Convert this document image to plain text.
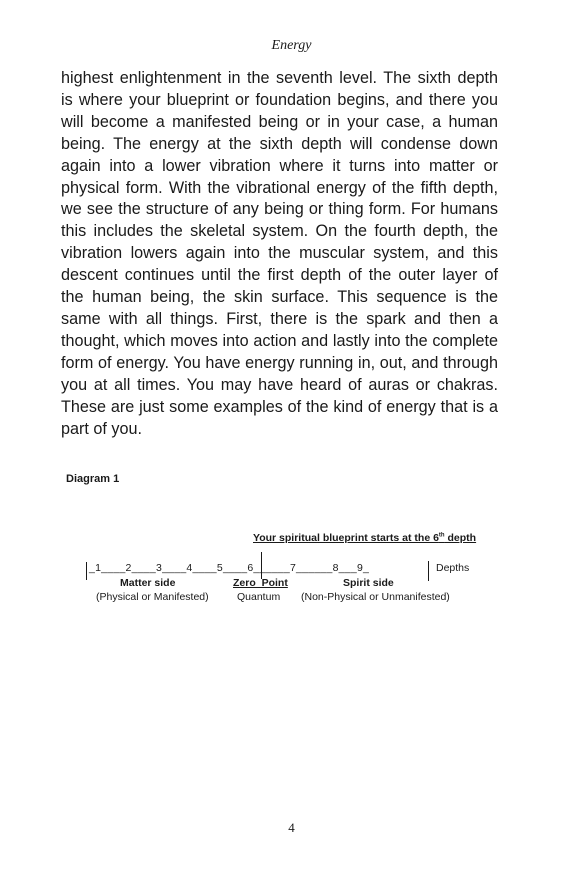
Energy
highest enlightenment in the seventh level. The sixth depth is where your blueprint or foundation begins, and there you will become a manifested being or in your case, a human being. The energy at the sixth depth will condense down again into a lower vibration where it turns into matter or physical form. With the vibrational energy of the fifth depth, we see the structure of any being or thing form. For humans this includes the skeletal system. On the fourth depth, the vibration lowers again into the muscular system, and this descent continues until the first depth of the outer layer of the human being, the skin surface. This sequence is the same with all things. First, there is the spark and then a thought, which moves into action and lastly into the complete form of energy. You have energy running in, out, and through you at all times. You may have heard of auras or chakras. These are just some examples of the kind of energy that is a part of you.
Diagram 1
Your spiritual blueprint starts at the 6th depth
_1____2____3____4____5____6______7______8___9_	Depths
Matter side	Zero  Point	Spirit side
(Physical or Manifested)	Quantum (Non-Physical or Unmanifested)
4
